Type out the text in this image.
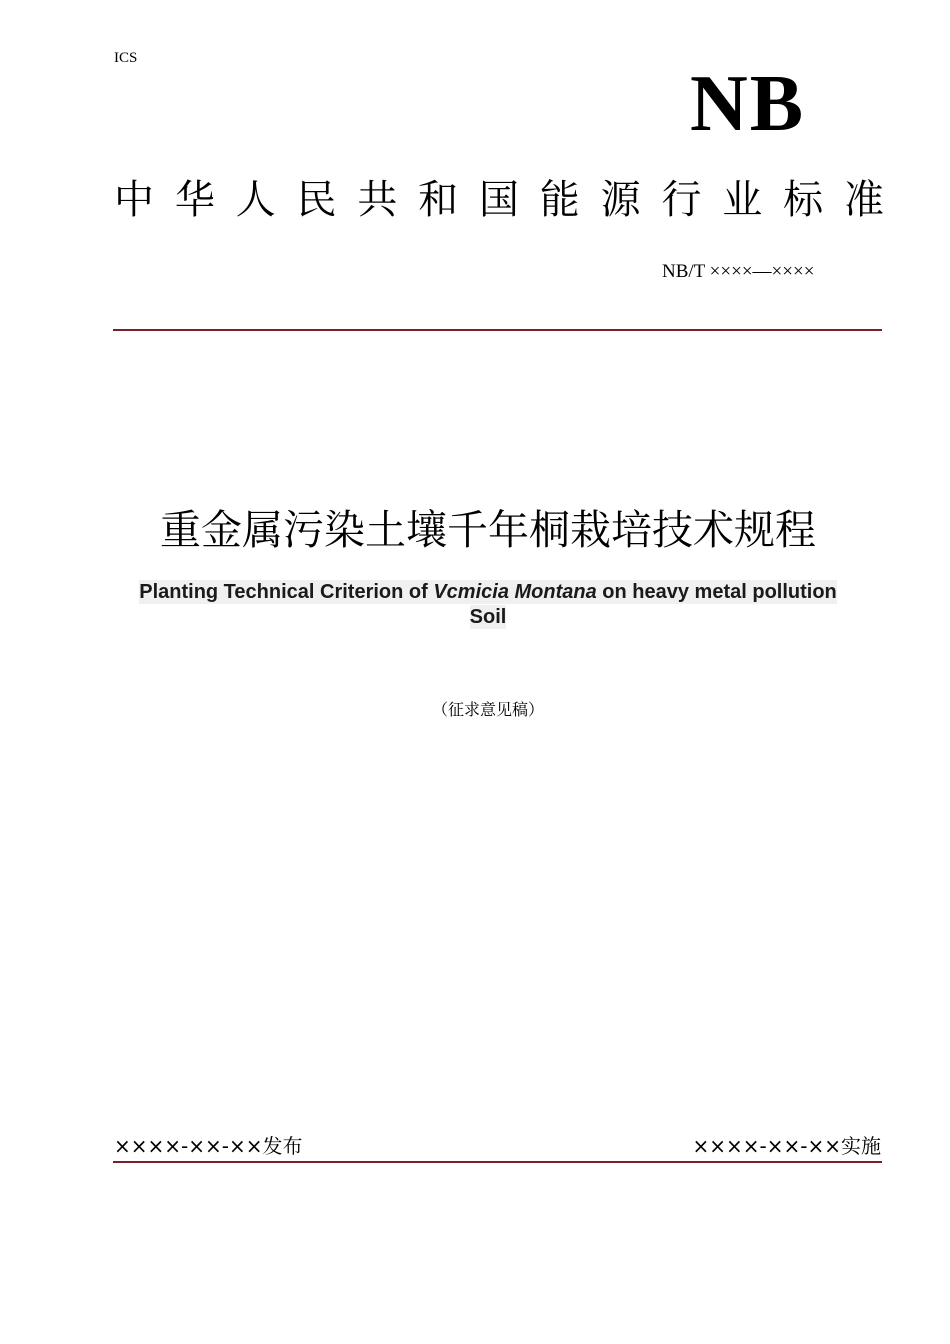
ICS
NB
中 华 人 民 共 和 国 能 源 行 业 标 准
NB/T ××××—××××
重金属污染土壤千年桐栽培技术规程
Planting Technical Criterion of Vcmicia Montana on heavy metal pollution
Soil
（征求意见稿）
××××-××-××发布	××××-××-××实施
